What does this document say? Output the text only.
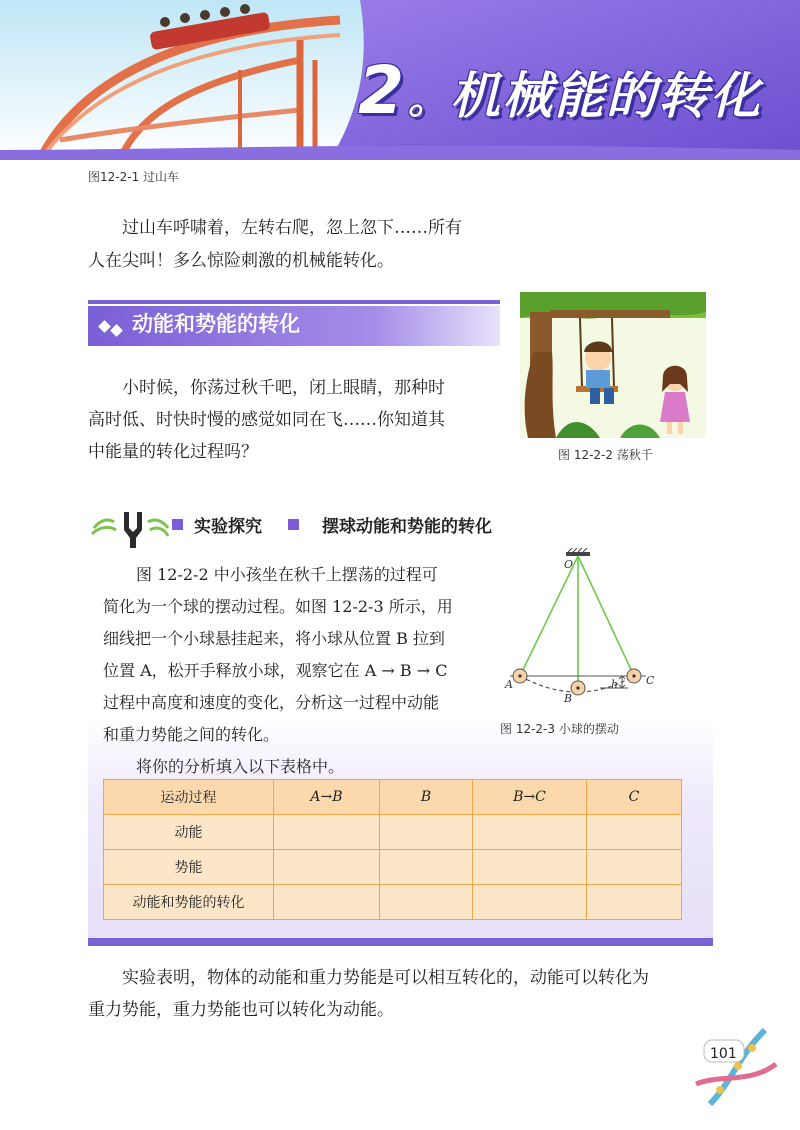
2。机械能的转化
图12-2-1 过山车
过山车呼啸着，左转右爬，忽上忽下……所有
人在尖叫！多么惊险刺激的机械能转化。
动能和势能的转化
小时候，你荡过秋千吧，闭上眼睛，那种时
高时低、时快时慢的感觉如同在飞……你知道其
中能量的转化过程吗？	图 12-2-2 荡秋千
实验探究	摆球动能和势能的转化
图 12-2-2 中小孩坐在秋千上摆荡的过程可
简化为一个球的摆动过程。如图 12-2-3 所示，用
细线把一个小球悬挂起来，将小球从位置 B 拉到
位置 A，松开手释放小球，观察它在 A → B → C
过程中高度和速度的变化，分析这一过程中动能
和重力势能之间的转化。
将你的分析填入以下表格中。
O
A
B
C
h
图 12-2-3 小球的摆动
运动过程	A→B	B	B→C	C
动能				
势能				
动能和势能的转化				
实验表明，物体的动能和重力势能是可以相互转化的，动能可以转化为
重力势能，重力势能也可以转化为动能。
101
